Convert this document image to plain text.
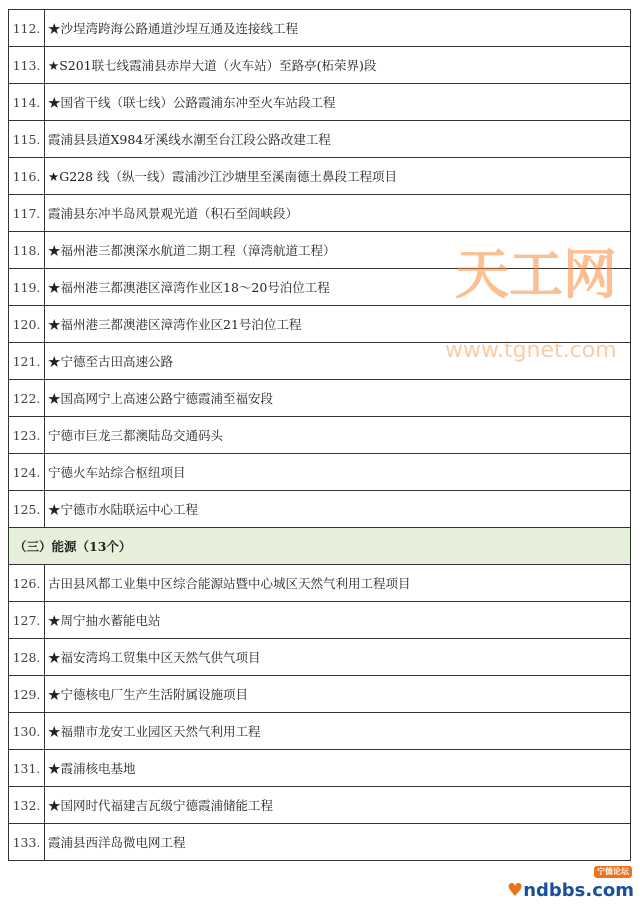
112.	★沙埕湾跨海公路通道沙埕互通及连接线工程
113.	★S201联七线霞浦县赤岸大道（火车站）至路亭(柘荣界)段
114.	★国省干线（联七线）公路霞浦东冲至火车站段工程
115.	霞浦县县道X984牙溪线水潮至台江段公路改建工程
116.	★G228 线（纵一线）霞浦沙江沙塘里至溪南德土鼻段工程项目
117.	霞浦县东冲半岛风景观光道（积石至闾峡段）
118.	★福州港三都澳深水航道二期工程（漳湾航道工程）
119.	★福州港三都澳港区漳湾作业区18～20号泊位工程
120.	★福州港三都澳港区漳湾作业区21号泊位工程
121.	★宁德至古田高速公路
122.	★国高网宁上高速公路宁德霞浦至福安段
123.	宁德市巨龙三都澳陆岛交通码头
124.	宁德火车站综合枢纽项目
125.	★宁德市水陆联运中心工程
（三）能源（13个）	
126.	古田县风都工业集中区综合能源站暨中心城区天然气利用工程项目
127.	★周宁抽水蓄能电站
128.	★福安湾坞工贸集中区天然气供气项目
129.	★宁德核电厂生产生活附属设施项目
130.	★福鼎市龙安工业园区天然气利用工程
131.	★霞浦核电基地
132.	★国网时代福建吉瓦级宁德霞浦储能工程
133.	霞浦县西洋岛微电网工程
天工网
www.tgnet.com
宁德论坛
♥ndbbs.com
